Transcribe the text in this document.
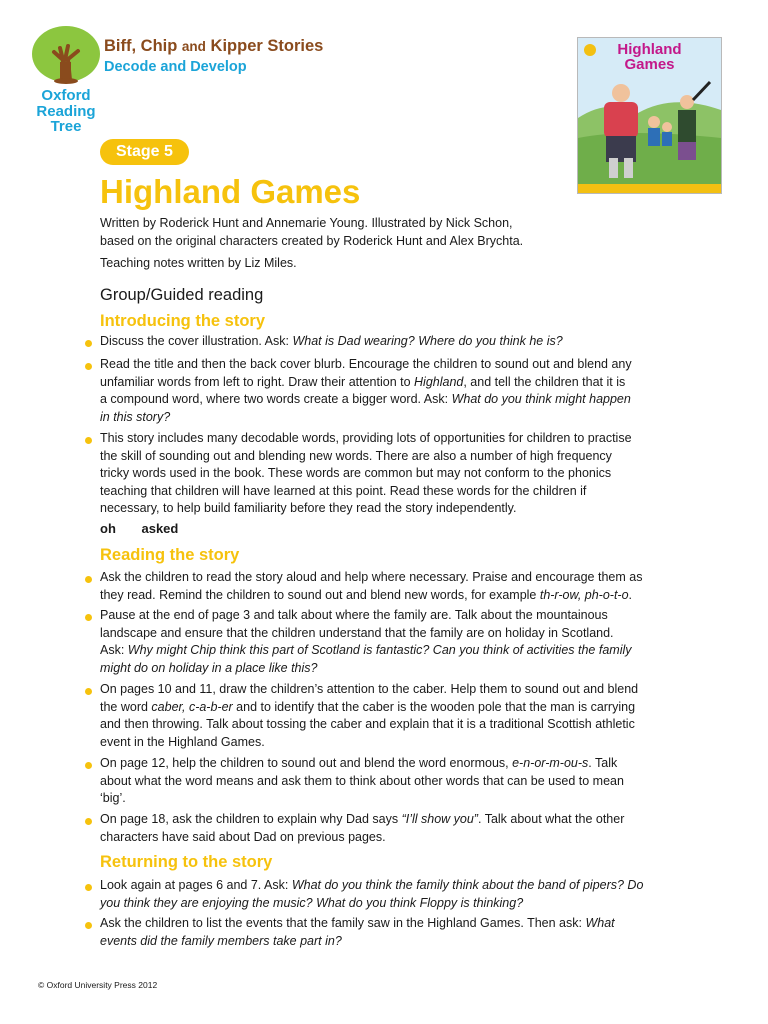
Oxford
Reading
Tree
Biff, Chip and Kipper Stories
Decode and Develop
Highland
Games
Stage 5
Highland Games
Written by Roderick Hunt and Annemarie Young. Illustrated by Nick Schon,
based on the original characters created by Roderick Hunt and Alex Brychta.
Teaching notes written by Liz Miles.
Group/Guided reading
Introducing the story
Discuss the cover illustration. Ask: What is Dad wearing? Where do you think he is?
Read the title and then the back cover blurb. Encourage the children to sound out and blend any
unfamiliar words from left to right. Draw their attention to Highland, and tell the children that it is
a compound word, where two words create a bigger word. Ask: What do you think might happen
in this story?
This story includes many decodable words, providing lots of opportunities for children to practise
the skill of sounding out and blending new words. There are also a number of high frequency
tricky words used in the book. These words are common but may not conform to the phonics
teaching that children will have learned at this point. Read these words for the children if
necessary, to help build familiarity before they read the story independently.
oh asked
Reading the story
Ask the children to read the story aloud and help where necessary. Praise and encourage them as
they read. Remind the children to sound out and blend new words, for example th-r-ow, ph-o-t-o.
Pause at the end of page 3 and talk about where the family are. Talk about the mountainous
landscape and ensure that the children understand that the family are on holiday in Scotland.
Ask: Why might Chip think this part of Scotland is fantastic? Can you think of activities the family
might do on holiday in a place like this?
On pages 10 and 11, draw the children’s attention to the caber. Help them to sound out and blend
the word caber, c-a-b-er and to identify that the caber is the wooden pole that the man is carrying
and then throwing. Talk about tossing the caber and explain that it is a traditional Scottish athletic
event in the Highland Games.
On page 12, help the children to sound out and blend the word enormous, e-n-or-m-ou-s. Talk
about what the word means and ask them to think about other words that can be used to mean
‘big’.
On page 18, ask the children to explain why Dad says “I’ll show you”. Talk about what the other
characters have said about Dad on previous pages.
Returning to the story
Look again at pages 6 and 7. Ask: What do you think the family think about the band of pipers? Do
you think they are enjoying the music? What do you think Floppy is thinking?
Ask the children to list the events that the family saw in the Highland Games. Then ask: What
events did the family members take part in?
© Oxford University Press 2012
